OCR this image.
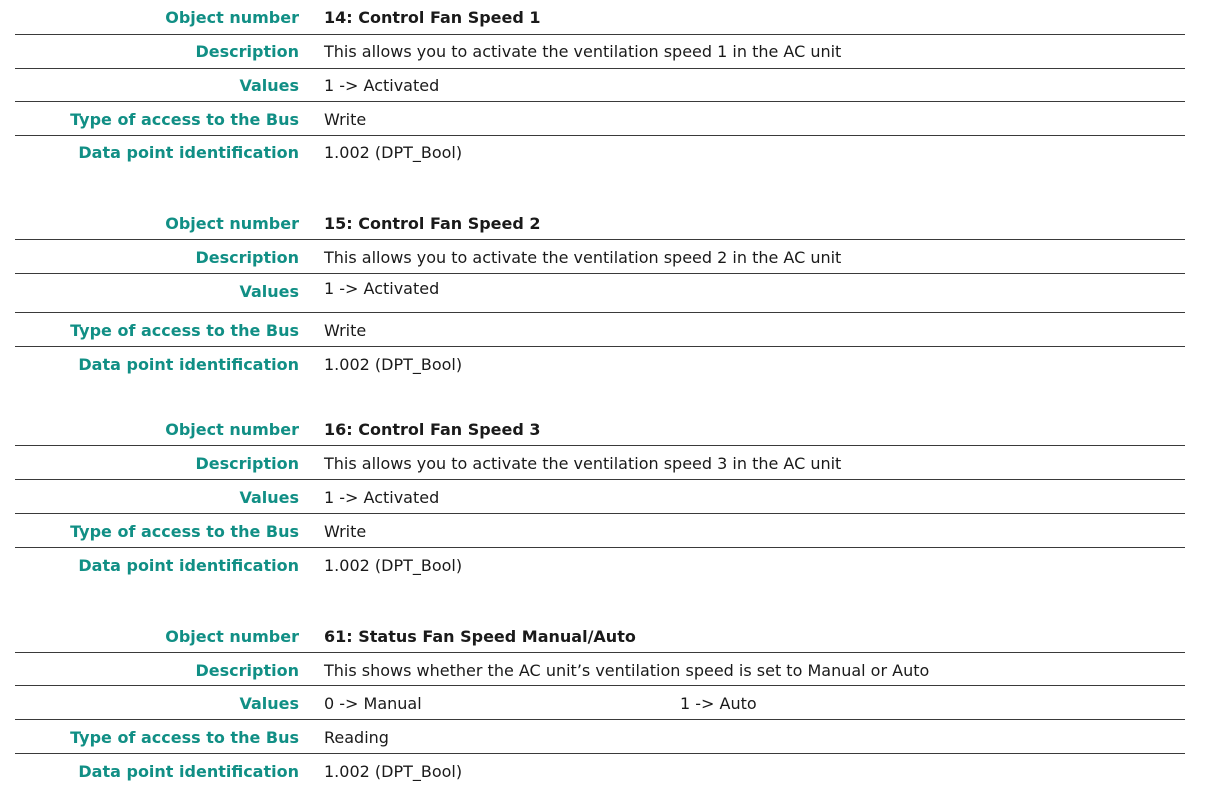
Object number 14: Control Fan Speed 1
Description This allows you to activate the ventilation speed 1 in the AC unit
Values 1 -> Activated
Type of access to the Bus Write
Data point identification 1.002 (DPT_Bool)
Object number 15: Control Fan Speed 2
Description This allows you to activate the ventilation speed 2 in the AC unit
Values 1 -> Activated
Type of access to the Bus Write
Data point identification 1.002 (DPT_Bool)
Object number 16: Control Fan Speed 3
Description This allows you to activate the ventilation speed 3 in the AC unit
Values 1 -> Activated
Type of access to the Bus Write
Data point identification 1.002 (DPT_Bool)
Object number 61: Status Fan Speed Manual/Auto
Description This shows whether the AC unit’s ventilation speed is set to Manual or Auto
Values 0 -> Manual	1 -> Auto
Type of access to the Bus Reading
Data point identification 1.002 (DPT_Bool)
